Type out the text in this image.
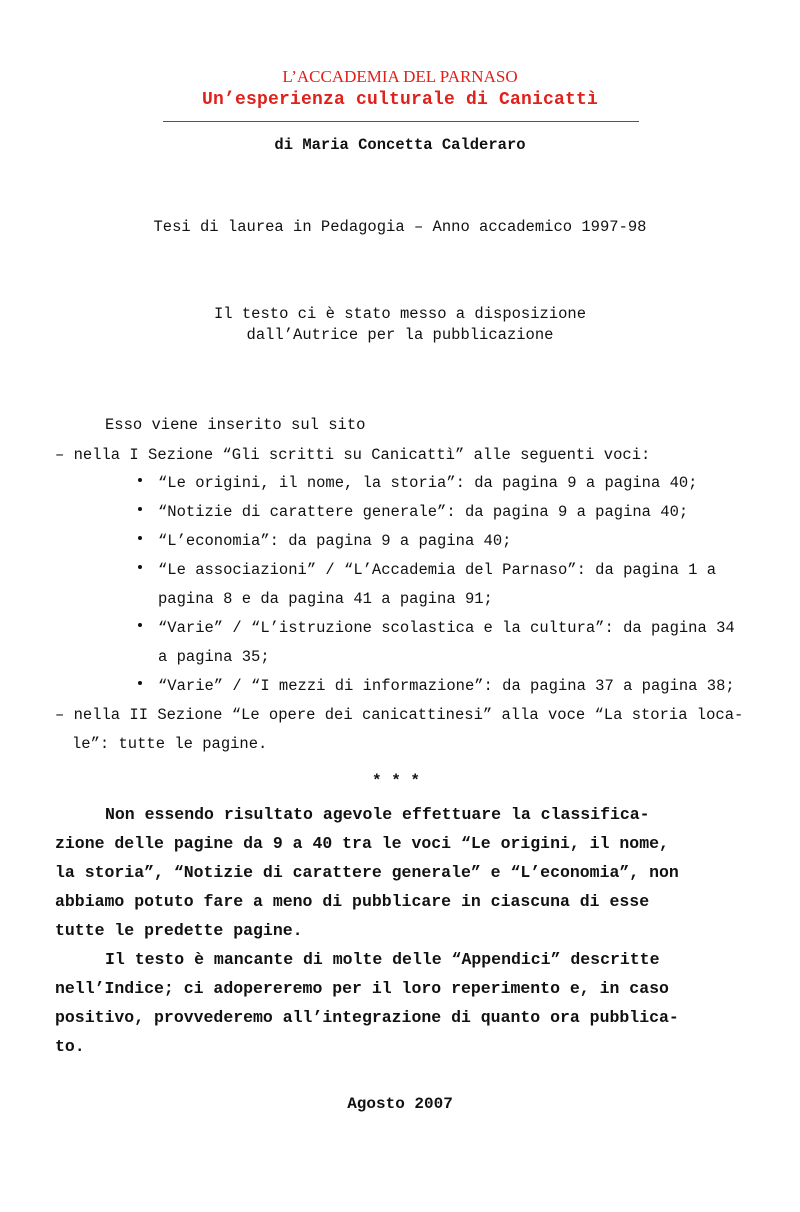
L’ACCADEMIA DEL PARNASO
Un’esperienza culturale di Canicattì
di Maria Concetta Calderaro
Tesi di laurea in Pedagogia – Anno accademico 1997-98
Il testo ci è stato messo a disposizione
dall’Autrice per la pubblicazione
Esso viene inserito sul sito
– nella I Sezione “Gli scritti su Canicattì” alle seguenti voci:
“Le origini, il nome, la storia”: da pagina 9 a pagina 40;
“Notizie di carattere generale”: da pagina 9 a pagina 40;
“L’economia”: da pagina 9 a pagina 40;
“Le associazioni” / “L’Accademia del Parnaso”: da pagina 1 a
pagina 8 e da pagina 41 a pagina 91;
“Varie” / “L’istruzione scolastica e la cultura”: da pagina 34
a pagina 35;
“Varie” / “I mezzi di informazione”: da pagina 37 a pagina 38;
– nella II Sezione “Le opere dei canicattinesi” alla voce “La storia loca-
le”: tutte le pagine.
* * *
Non essendo risultato agevole effettuare la classifica-
zione delle pagine da 9 a 40 tra le voci “Le origini, il nome,
la storia”, “Notizie di carattere generale” e “L’economia”, non
abbiamo potuto fare a meno di pubblicare in ciascuna di esse
tutte le predette pagine.
Il testo è mancante di molte delle “Appendici” descritte
nell’Indice; ci adopereremo per il loro reperimento e, in caso
positivo, provvederemo all’integrazione di quanto ora pubblica-
to.
Agosto 2007
